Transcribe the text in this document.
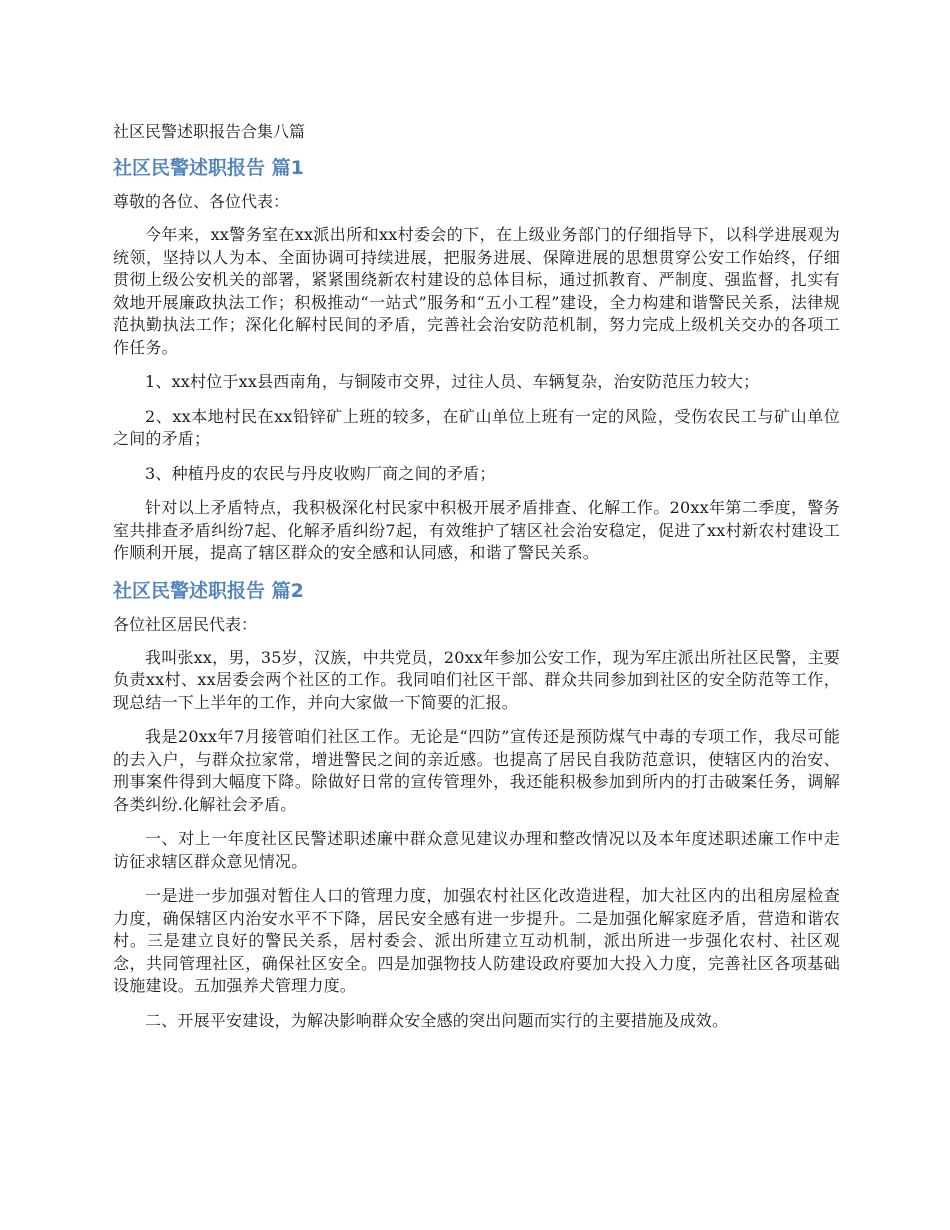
社区民警述职报告合集八篇
社区民警述职报告 篇1

尊敬的各位、各位代表：

今年来，xx警务室在xx派出所和xx村委会的下，在上级业务部门的仔细指导下，以科学进展观为统领，坚持以人为本、全面协调可持续进展，把服务进展、保障进展的思想贯穿公安工作始终，仔细贯彻上级公安机关的部署，紧紧围绕新农村建设的总体目标，通过抓教育、严制度、强监督，扎实有效地开展廉政执法工作；积极推动“一站式”服务和“五小工程”建设，全力构建和谐警民关系，法律规范执勤执法工作；深化化解村民间的矛盾，完善社会治安防范机制，努力完成上级机关交办的各项工作任务。

1、xx村位于xx县西南角，与铜陵市交界，过往人员、车辆复杂，治安防范压力较大；

2、xx本地村民在xx铅锌矿上班的较多，在矿山单位上班有一定的风险，受伤农民工与矿山单位之间的矛盾；

3、种植丹皮的农民与丹皮收购厂商之间的矛盾；

针对以上矛盾特点，我积极深化村民家中积极开展矛盾排查、化解工作。20xx年第二季度，警务室共排查矛盾纠纷7起、化解矛盾纠纷7起，有效维护了辖区社会治安稳定，促进了xx村新农村建设工作顺利开展，提高了辖区群众的安全感和认同感，和谐了警民关系。

社区民警述职报告 篇2

各位社区居民代表：

我叫张xx，男，35岁，汉族，中共党员，20xx年参加公安工作，现为军庄派出所社区民警，主要负责xx村、xx居委会两个社区的工作。我同咱们社区干部、群众共同参加到社区的安全防范等工作，现总结一下上半年的工作，并向大家做一下简要的汇报。

我是20xx年7月接管咱们社区工作。无论是“四防”宣传还是预防煤气中毒的专项工作，我尽可能的去入户，与群众拉家常，增进警民之间的亲近感。也提高了居民自我防范意识，使辖区内的治安、刑事案件得到大幅度下降。除做好日常的宣传管理外，我还能积极参加到所内的打击破案任务，调解各类纠纷.化解社会矛盾。

一、对上一年度社区民警述职述廉中群众意见建议办理和整改情况以及本年度述职述廉工作中走访征求辖区群众意见情况。

一是进一步加强对暂住人口的管理力度，加强农村社区化改造进程，加大社区内的出租房屋检查力度，确保辖区内治安水平不下降，居民安全感有进一步提升。二是加强化解家庭矛盾，营造和谐农村。三是建立良好的警民关系，居村委会、派出所建立互动机制，派出所进一步强化农村、社区观念，共同管理社区，确保社区安全。四是加强物技人防建设政府要加大投入力度，完善社区各项基础设施建设。五加强养犬管理力度。

二、开展平安建设，为解决影响群众安全感的突出问题而实行的主要措施及成效。
